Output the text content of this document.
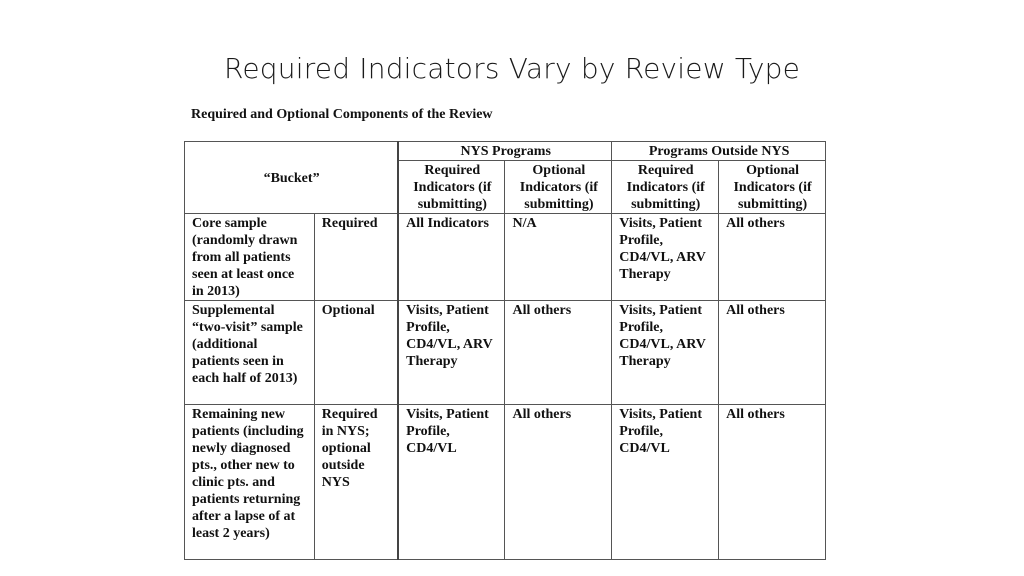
Required Indicators Vary by Review Type
Required and Optional Components of the Review
“Bucket”		NYS Programs		Programs Outside NYS	
		Required Indicators (if submitting)	Optional Indicators (if submitting)	Required Indicators (if submitting)	Optional Indicators (if submitting)
Core sample (randomly drawn from all patients seen at least once in 2013)	Required	All Indicators	N/A	Visits, Patient Profile, CD4/VL, ARV Therapy	All others
Supplemental “two-visit” sample (additional patients seen in each half of 2013)	Optional	Visits, Patient Profile, CD4/VL, ARV Therapy	All others	Visits, Patient Profile, CD4/VL, ARV Therapy	All others
Remaining new patients (including newly diagnosed pts., other new to clinic pts. and patients returning after a lapse of at least 2 years)	Required in NYS; optional outside NYS	Visits, Patient Profile, CD4/VL	All others	Visits, Patient Profile, CD4/VL	All others
